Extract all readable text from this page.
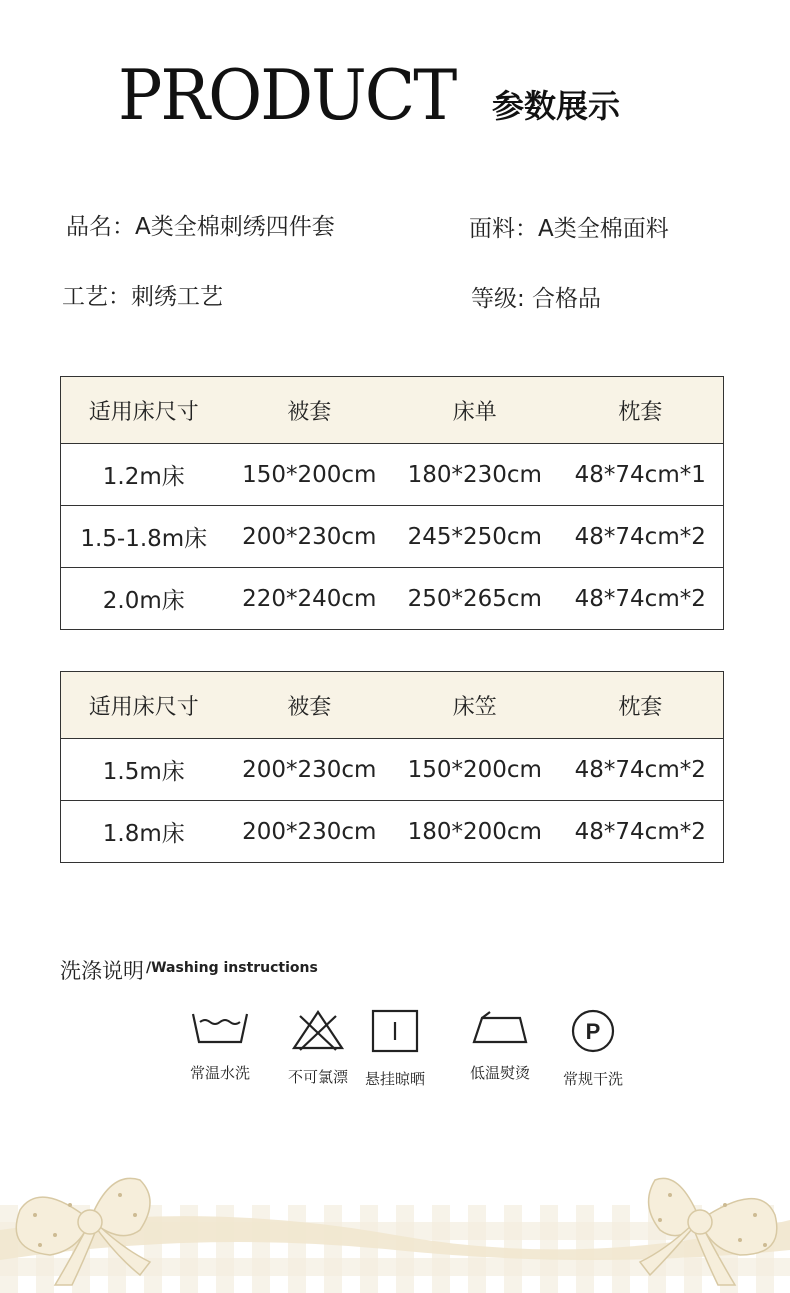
PRODUCT 参数展示
品名：A类全棉刺绣四件套	面料：A类全棉面料
工艺：刺绣工艺	等级: 合格品
适用床尺寸	被套	床单	枕套
1.2m床	150*200cm	180*230cm	48*74cm*1
1.5-1.8m床	200*230cm	245*250cm	48*74cm*2
2.0m床	220*240cm	250*265cm	48*74cm*2
适用床尺寸	被套	床笠	枕套
1.5m床	200*230cm	150*200cm	48*74cm*2
1.8m床	200*230cm	180*200cm	48*74cm*2
洗涤说明 $^{/Washing instructions}$
常温水洗	不可氯漂	悬挂晾晒	低温熨烫
P
常规干洗
